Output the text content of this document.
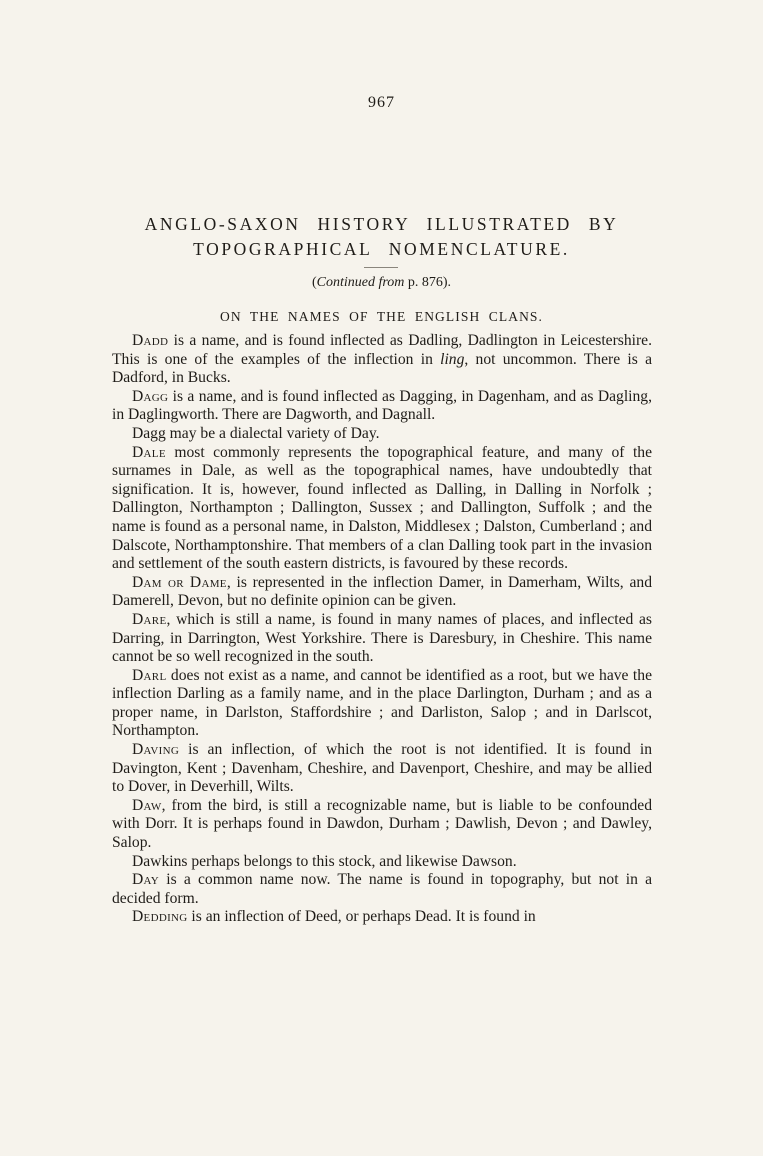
967
ANGLO-SAXON HISTORY ILLUSTRATED BY
TOPOGRAPHICAL NOMENCLATURE.
(Continued from p. 876).
ON THE NAMES OF THE ENGLISH CLANS.

Dadd is a name, and is found inflected as Dadling, Dadlington in Leicestershire. This is one of the examples of the inflection in ling, not uncommon. There is a Dadford, in Bucks.

Dagg is a name, and is found inflected as Dagging, in Dagenham, and as Dagling, in Daglingworth. There are Dagworth, and Dagnall.

Dagg may be a dialectal variety of Day.

Dale most commonly represents the topographical feature, and many of the surnames in Dale, as well as the topographical names, have undoubtedly that signification. It is, however, found inflected as Dalling, in Dalling in Norfolk ; Dallington, Northampton ; Dallington, Sussex ; and Dallington, Suffolk ; and the name is found as a personal name, in Dalston, Middlesex ; Dalston, Cumberland ; and Dalscote, Northamptonshire. That members of a clan Dalling took part in the invasion and settlement of the south eastern districts, is favoured by these records.

Dam or Dame, is represented in the inflection Damer, in Damerham, Wilts, and Damerell, Devon, but no definite opinion can be given.

Dare, which is still a name, is found in many names of places, and inflected as Darring, in Darrington, West Yorkshire. There is Daresbury, in Cheshire. This name cannot be so well recognized in the south.

Darl does not exist as a name, and cannot be identified as a root, but we have the inflection Darling as a family name, and in the place Darlington, Durham ; and as a proper name, in Darlston, Staffordshire ; and Darliston, Salop ; and in Darlscot, Northampton.

Daving is an inflection, of which the root is not identified. It is found in Davington, Kent ; Davenham, Cheshire, and Davenport, Cheshire, and may be allied to Dover, in Deverhill, Wilts.

Daw, from the bird, is still a recognizable name, but is liable to be confounded with Dorr. It is perhaps found in Dawdon, Durham ; Dawlish, Devon ; and Dawley, Salop.

Dawkins perhaps belongs to this stock, and likewise Dawson.

Day is a common name now. The name is found in topography, but not in a decided form.

Dedding is an inflection of Deed, or perhaps Dead. It is found in
